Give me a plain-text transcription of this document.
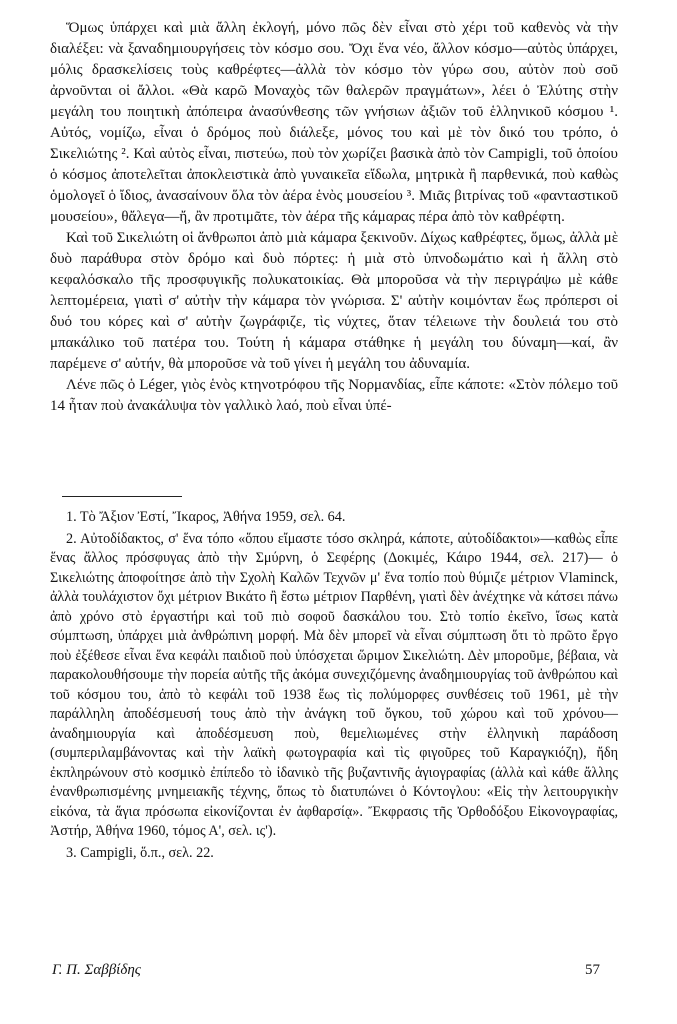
Ὅμως ὑπάρχει καὶ μιὰ ἄλλη ἐκλογή, μόνο πῶς δὲν εἶναι στὸ χέρι τοῦ καθενὸς νὰ τὴν διαλέξει: νὰ ξαναδημιουργήσεις τὸν κόσμο σου. Ὄχι ἕνα νέο, ἄλλον κόσμο—αὐτὸς ὑπάρχει, μόλις δρασκελίσεις τοὺς καθρέφτες—ἀλλὰ τὸν κόσμο τὸν γύρω σου, αὐτὸν ποὺ σοῦ ἀρνοῦνται οἱ ἄλλοι. «Θὰ καρῶ Μοναχὸς τῶν θαλερῶν πραγμάτων», λέει ὁ Ἐλύτης στὴν μεγάλη του ποιητικὴ ἀπόπειρα ἀνασύνθεσης τῶν γνήσιων ἀξιῶν τοῦ ἑλληνικοῦ κόσμου ¹. Αὐτός, νομίζω, εἶναι ὁ δρόμος ποὺ διάλεξε, μόνος του καὶ μὲ τὸν δικό του τρόπο, ὁ Σικελιώτης ². Καὶ αὐτὸς εἶναι, πιστεύω, ποὺ τὸν χωρίζει βασικὰ ἀπὸ τὸν Campigli, τοῦ ὁποίου ὁ κόσμος ἀποτελεῖται ἀποκλειστικὰ ἀπὸ γυναικεῖα εἴδωλα, μητρικὰ ἢ παρθενικά, ποὺ καθὼς ὁμολογεῖ ὁ ἴδιος, ἀνασαίνουν ὅλα τὸν ἀέρα ἑνὸς μουσείου ³. Μιᾶς βιτρίνας τοῦ «φανταστικοῦ μουσείου», θἄλεγα—ἤ, ἂν προτιμᾶτε, τὸν ἀέρα τῆς κάμαρας πέρα ἀπὸ τὸν καθρέφτη.

Καὶ τοῦ Σικελιώτη οἱ ἄνθρωποι ἀπὸ μιὰ κάμαρα ξεκινοῦν. Δίχως καθρέφτες, ὅμως, ἀλλὰ μὲ δυὸ παράθυρα στὸν δρόμο καὶ δυὸ πόρτες: ἡ μιὰ στὸ ὑπνοδωμάτιο καὶ ἡ ἄλλη στὸ κεφαλόσκαλο τῆς προσφυγικῆς πολυκατοικίας. Θὰ μποροῦσα νὰ τὴν περιγράψω μὲ κάθε λεπτομέρεια, γιατὶ σ' αὐτὴν τὴν κάμαρα τὸν γνώρισα. Σ' αὐτὴν κοιμόνταν ἕως πρόπερσι οἱ δυό του κόρες καὶ σ' αὐτὴν ζωγράφιζε, τὶς νύχτες, ὅταν τέλειωνε τὴν δουλειά του στὸ μπακάλικο τοῦ πατέρα του. Τούτη ἡ κάμαρα στάθηκε ἡ μεγάλη του δύναμη—καί, ἂν παρέμενε σ' αὐτήν, θὰ μποροῦσε νὰ τοῦ γίνει ἡ μεγάλη του ἀδυναμία.

Λένε πῶς ὁ Léger, γιὸς ἑνὸς κτηνοτρόφου τῆς Νορμανδίας, εἶπε κάποτε: «Στὸν πόλεμο τοῦ 14 ἦταν ποὺ ἀνακάλυψα τὸν γαλλικὸ λαό, ποὺ εἶναι ὑπέ-

1. Τὸ Ἄξιον Ἐστί, Ἴκαρος, Ἀθήνα 1959, σελ. 64.

2. Αὐτοδίδακτος, σ' ἕνα τόπο «ὅπου εἴμαστε τόσο σκληρά, κάποτε, αὐτοδίδακτοι»—καθὼς εἶπε ἕνας ἄλλος πρόσφυγας ἀπὸ τὴν Σμύρνη, ὁ Σεφέρης (Δοκιμές, Κάιρο 1944, σελ. 217)— ὁ Σικελιώτης ἀποφοίτησε ἀπὸ τὴν Σχολὴ Καλῶν Τεχνῶν μ' ἕνα τοπίο ποὺ θύμιζε μέτριον Vlaminck, ἀλλὰ τουλάχιστον ὄχι μέτριον Βικάτο ἢ ἔστω μέτριον Παρθένη, γιατὶ δὲν ἀνέχτηκε νὰ κάτσει πάνω ἀπὸ χρόνο στὸ ἐργαστήρι καὶ τοῦ πιὸ σοφοῦ δασκάλου του. Στὸ τοπίο ἐκεῖνο, ἴσως κατὰ σύμπτωση, ὑπάρχει μιὰ ἀνθρώπινη μορφή. Μὰ δὲν μπορεῖ νὰ εἶναι σύμπτωση ὅτι τὸ πρῶτο ἔργο ποὺ ἐξέθεσε εἶναι ἕνα κεφάλι παιδιοῦ ποὺ ὑπόσχεται ὥριμον Σικελιώτη. Δὲν μποροῦμε, βέβαια, νὰ παρακολουθήσουμε τὴν πορεία αὐτῆς τῆς ἀκόμα συνεχιζόμενης ἀναδημιουργίας τοῦ ἀνθρώπου καὶ τοῦ κόσμου του, ἀπὸ τὸ κεφάλι τοῦ 1938 ἕως τὶς πολύμορφες συνθέσεις τοῦ 1961, μὲ τὴν παράλληλη ἀποδέσμευσή τους ἀπὸ τὴν ἀνάγκη τοῦ ὄγκου, τοῦ χώρου καὶ τοῦ χρόνου—ἀναδημιουργία καὶ ἀποδέσμευση ποὺ, θεμελιωμένες στὴν ἑλληνικὴ παράδοση (συμπεριλαμβάνοντας καὶ τὴν λαϊκὴ φωτογραφία καὶ τὶς φιγοῦρες τοῦ Καραγκιόζη), ἤδη ἐκπληρώνουν στὸ κοσμικὸ ἐπίπεδο τὸ ἰδανικὸ τῆς βυζαντινῆς ἁγιογραφίας (ἀλλὰ καὶ κάθε ἄλλης ἐνανθρωπισμένης μνημειακῆς τέχνης, ὅπως τὸ διατυπώνει ὁ Κόντογλου: «Εἰς τὴν λειτουργικὴν εἰκόνα, τὰ ἅγια πρόσωπα εἰκονίζονται ἐν ἀφθαρσίᾳ». Ἔκφρασις τῆς Ὀρθοδόξου Εἰκονογραφίας, Ἀστήρ, Ἀθήνα 1960, τόμος Α', σελ. ις').

3. Campigli, ὅ.π., σελ. 22.

Γ. Π. Σαββίδης	57
